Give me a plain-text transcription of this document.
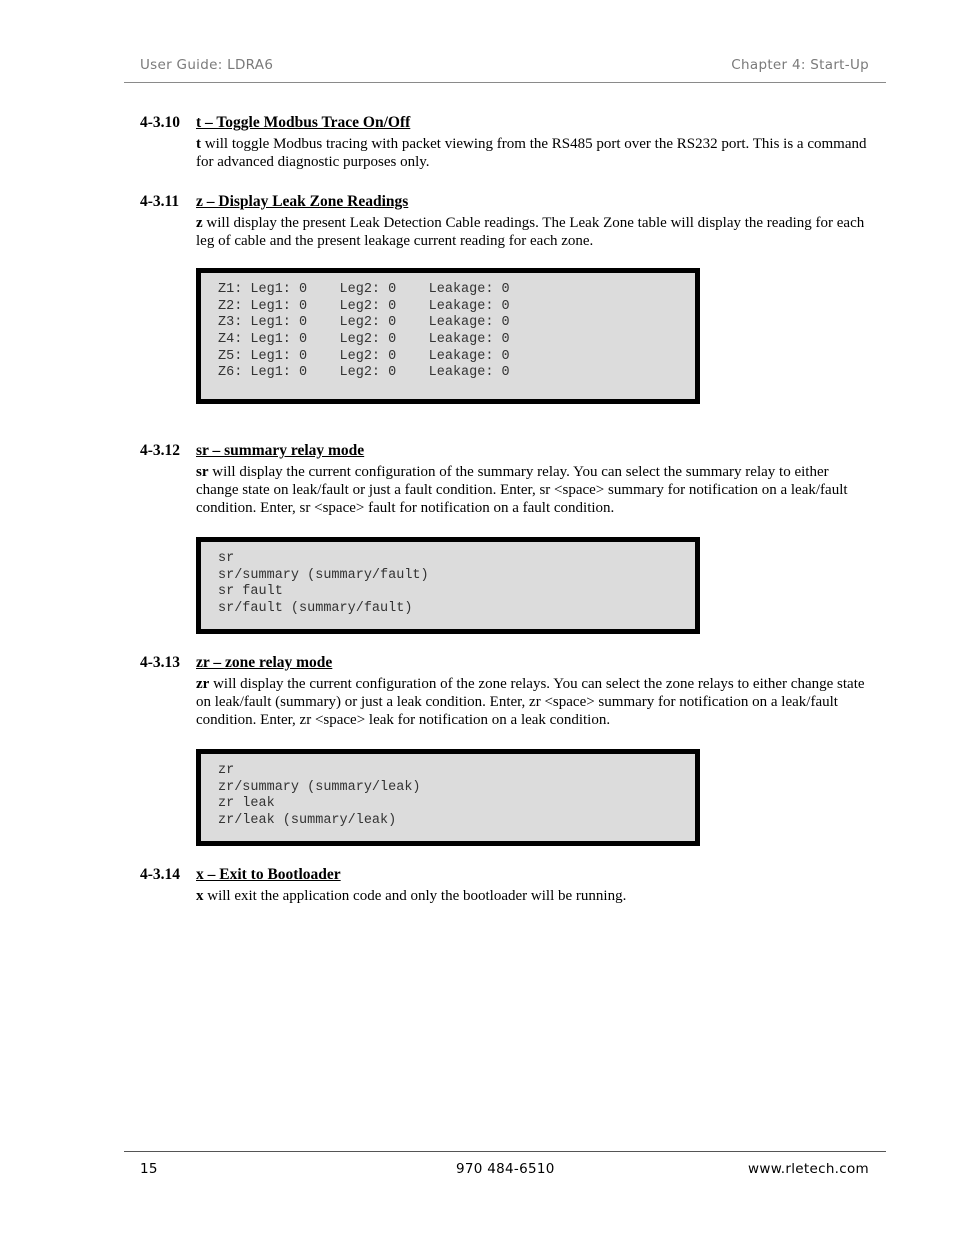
User Guide: LDRA6	Chapter 4: Start-Up
4-3.10 t – Toggle Modbus Trace On/Off

t will toggle Modbus tracing with packet viewing from the RS485 port over the RS232 port. This is a command for advanced diagnostic purposes only.

4-3.11 z – Display Leak Zone Readings

z will display the present Leak Detection Cable readings. The Leak Zone table will display the reading for each leg of cable and the present leakage current reading for each zone.

Z1: Leg1: 0    Leg2: 0    Leakage: 0
Z2: Leg1: 0    Leg2: 0    Leakage: 0
Z3: Leg1: 0    Leg2: 0    Leakage: 0
Z4: Leg1: 0    Leg2: 0    Leakage: 0
Z5: Leg1: 0    Leg2: 0    Leakage: 0
Z6: Leg1: 0    Leg2: 0    Leakage: 0
4-3.12 sr – summary relay mode

sr will display the current configuration of the summary relay. You can select the summary relay to either change state on leak/fault or just a fault condition. Enter, sr <space> summary for notification on a leak/fault condition. Enter, sr <space> fault for notification on a fault condition.

sr
sr/summary (summary/fault)
sr fault
sr/fault (summary/fault)
4-3.13 zr – zone relay mode

zr will display the current configuration of the zone relays. You can select the zone relays to either change state on leak/fault (summary) or just a leak condition. Enter, zr <space> summary for notification on a leak/fault condition. Enter, zr <space> leak for notification on a leak condition.

zr
zr/summary (summary/leak)
zr leak
zr/leak (summary/leak)
4-3.14 x – Exit to Bootloader

x will exit the application code and only the bootloader will be running.

15	970 484-6510	www.rletech.com
